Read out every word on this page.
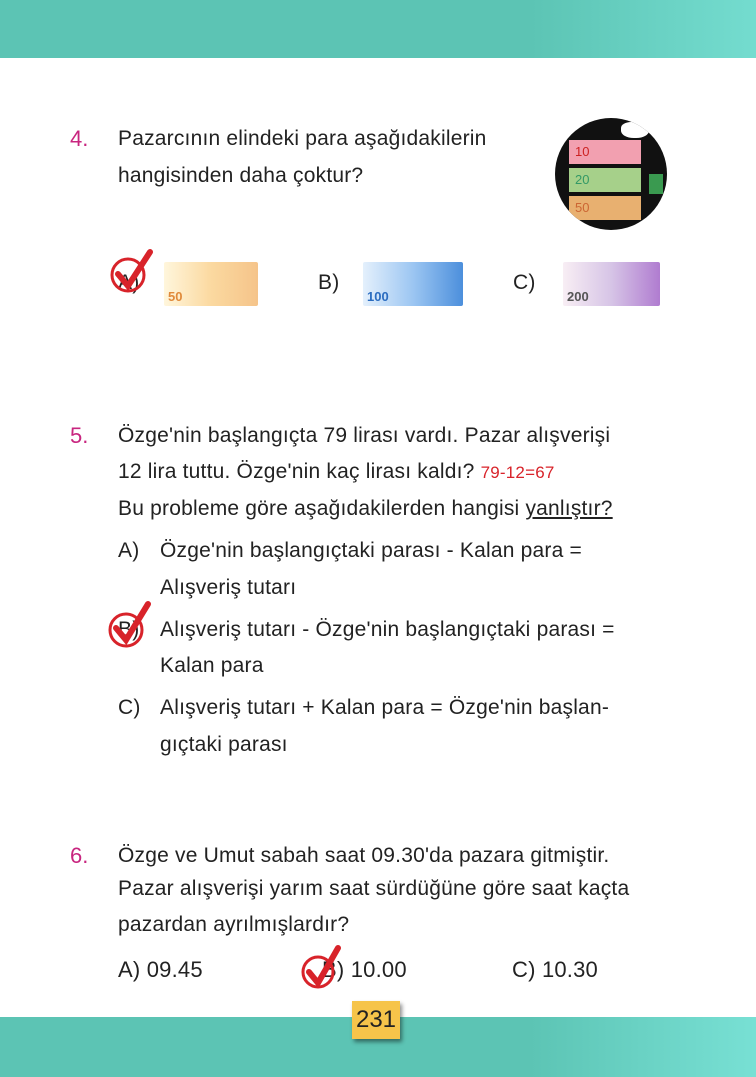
4. Pazarcının elindeki para aşağıdakilerin
hangisinden daha çoktur?
10
20
50
A)
50
B)
100
C)
200
5. Özge'nin başlangıçta 79 lirası vardı. Pazar alışverişi
12 lira tuttu. Özge'nin kaç lirası kaldı? 79-12=67
Bu probleme göre aşağıdakilerden hangisi yanlıştır?
A) Özge'nin başlangıçtaki parası - Kalan para =
Alışveriş tutarı
B) Alışveriş tutarı - Özge'nin başlangıçtaki parası =
Kalan para
C) Alışveriş tutarı + Kalan para = Özge'nin başlan-
gıçtaki parası
6. Özge ve Umut sabah saat 09.30'da pazara gitmiştir.
Pazar alışverişi yarım saat sürdüğüne göre saat kaçta
pazardan ayrılmışlardır?
A) 09.45	B) 10.00	C) 10.30
231
